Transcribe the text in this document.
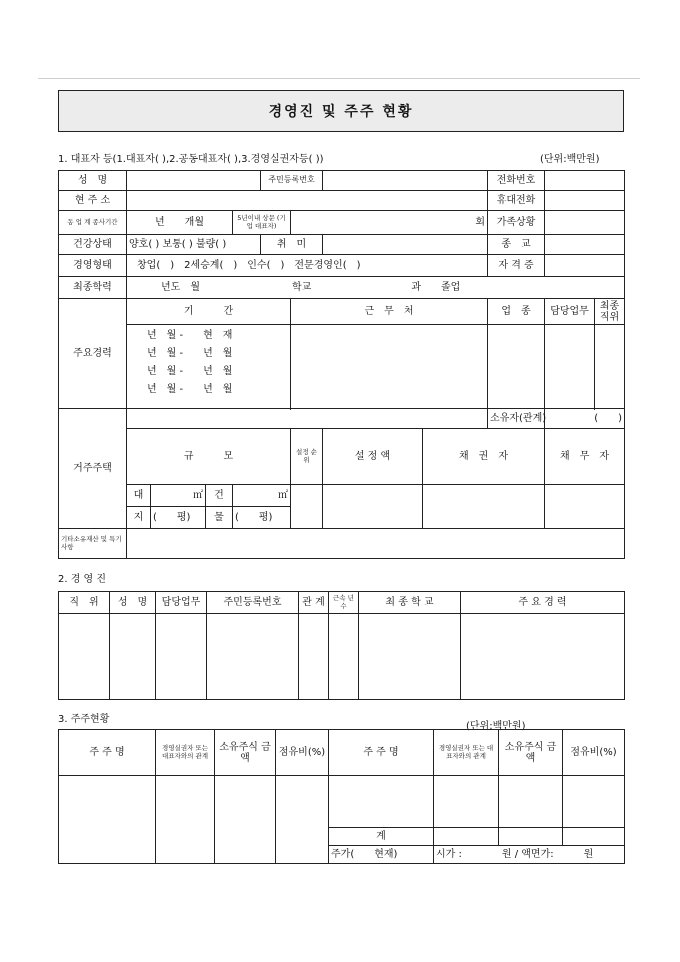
경영진 및 주주 현황
1. 대표자 등(1.대표자( ),2.공동대표자( ),3.경영실권자등( ))	(단위:백만원)
성　명					주민등록번호				전화번호			
현 주 소									휴대전화			
동 업 계 종사기간	년　　개월			5년이내 상문 (기업 대표자)		회			가족상황			
건강상태	양호( ) 보통( ) 불량( )				취　미				종　교			
경영형태	창업(　)　2세승계(　)　인수(　)　전문경영인(　)								자 격 증			
최종학력	년도　월 학교 과 졸업											
주요경력	기　　　간					근　무　처			업　종	담당업무	최종 직위	

	년　월 -　　현　재
년　월 -　　년　월
년　월 -　　년　월
년　월 -　　년　월											

거주주택									소유자(관계)	(　　)		
	규　　　모					설정 순위	설 정 액	채　권　자		채　무　자	
	대	㎡	건	㎡								
	지	(　　평)	물	(　　평)								
기타소유재산 및 특기사항												
2. 경 영 진
직　위	성　명	담당업무	주민등록번호	관 계	근속 년수	최 종 학 교	주 요 경 력

3. 주주현황
(단위:백만원)
주 주 명	경영실권자 또는 대표자와의 관계	소유주식 금　액	점유비(%)	주 주 명	경영실권자 또는 대표자와의 관계	소유주식 금　액	점유비(%)

				계			
				주가(　　현재)	시가 :　　　　원 / 액면가:　　　원		
